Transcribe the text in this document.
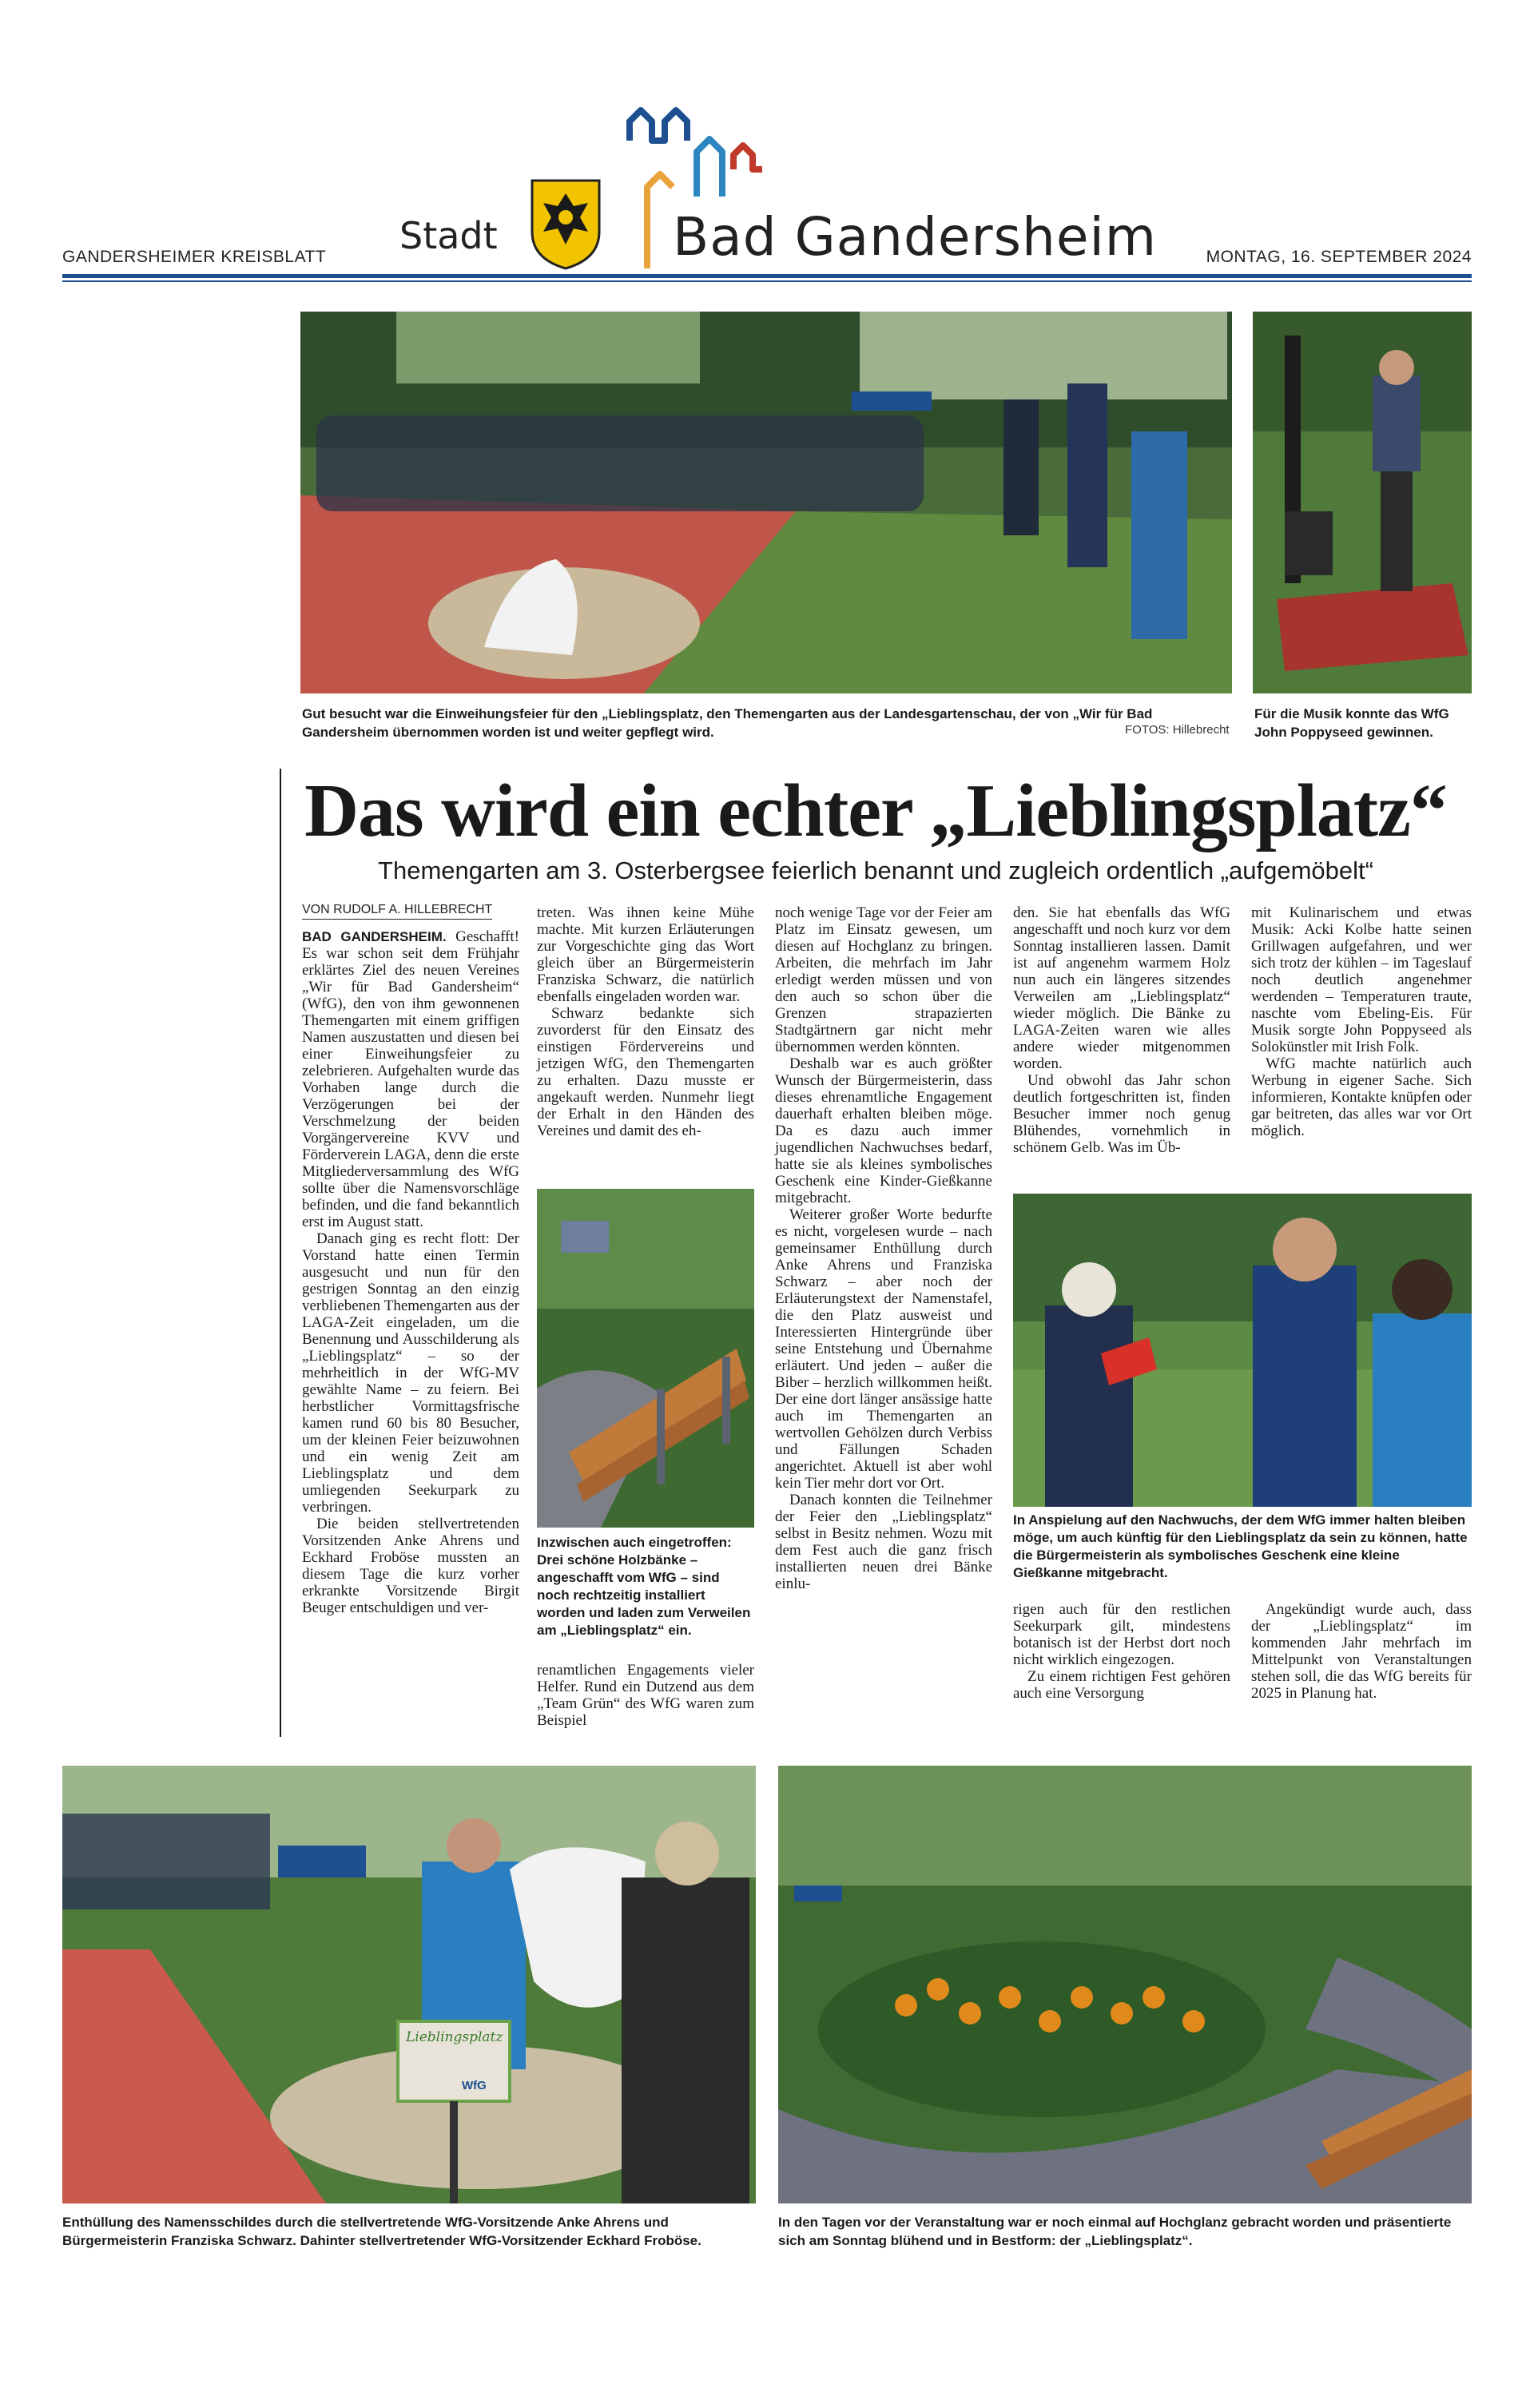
GANDERSHEIMER KREISBLATT Stadt	Bad Gandersheim	MONTAG, 16. SEPTEMBER 2024
Gut besucht war die Einweihungsfeier für den „Lieblingsplatz, den Themengarten aus der Landesgartenschau, der von „Wir für Bad Gandersheim übernommen worden ist und weiter gepflegt wird.	FOTOS: Hillebrecht
Für die Musik konnte das WfG John Poppyseed gewinnen.
Das wird ein echter „Lieblingsplatz“
Themengarten am 3. Osterbergsee feierlich benannt und zugleich ordentlich „aufgemöbelt“
VON RUDOLF A. HILLEBRECHT

BAD GANDERSHEIM. Geschafft! Es war schon seit dem Frühjahr erklärtes Ziel des neuen Vereines „Wir für Bad Gandersheim“ (WfG), den von ihm gewonnenen Themengarten mit einem griffigen Namen auszustatten und diesen bei einer Einweihungsfeier zu zelebrieren. Aufgehalten wurde das Vorhaben lange durch die Verzögerungen bei der Verschmelzung der beiden Vorgängervereine KVV und Förderverein LAGA, denn die erste Mitgliederversammlung des WfG sollte über die Namensvorschläge befinden, und die fand bekanntlich erst im August statt.

Danach ging es recht flott: Der Vorstand hatte einen Termin ausgesucht und nun für den gestrigen Sonntag an den einzig verbliebenen Themengarten aus der LAGA-Zeit eingeladen, um die Benennung und Ausschilderung als „Lieblingsplatz“ – so der mehrheitlich in der WfG-MV gewählte Name – zu feiern. Bei herbstlicher Vormittagsfrische kamen rund 60 bis 80 Besucher, um der kleinen Feier beizuwohnen und ein wenig Zeit am Lieblingsplatz und dem umliegenden Seekurpark zu verbringen.

Die beiden stellvertretenden Vorsitzenden Anke Ahrens und Eckhard Froböse mussten an diesem Tage die kurz vorher erkrankte Vorsitzende Birgit Beuger entschuldigen und ver-

treten. Was ihnen keine Mühe machte. Mit kurzen Erläuterungen zur Vorgeschichte ging das Wort gleich über an Bürgermeisterin Franziska Schwarz, die natürlich ebenfalls eingeladen worden war.

Schwarz bedankte sich zuvorderst für den Einsatz des einstigen Fördervereins und jetzigen WfG, den Themengarten zu erhalten. Dazu musste er angekauft werden. Nunmehr liegt der Erhalt in den Händen des Vereines und damit des eh-

Inzwischen auch eingetroffen: Drei schöne Holzbänke – angeschafft vom WfG – sind noch rechtzeitig installiert worden und laden zum Verweilen am „Lieblingsplatz“ ein.

renamtlichen Engagements vieler Helfer. Rund ein Dutzend aus dem „Team Grün“ des WfG waren zum Beispiel

noch wenige Tage vor der Feier am Platz im Einsatz gewesen, um diesen auf Hochglanz zu bringen. Arbeiten, die mehrfach im Jahr erledigt werden müssen und von den auch so schon über die Grenzen strapazierten Stadtgärtnern gar nicht mehr übernommen werden könnten.

Deshalb war es auch größter Wunsch der Bürgermeisterin, dass dieses ehrenamtliche Engagement dauerhaft erhalten bleiben möge. Da es dazu auch immer jugendlichen Nachwuchses bedarf, hatte sie als kleines symbolisches Geschenk eine Kinder-Gießkanne mitgebracht.

Weiterer großer Worte bedurfte es nicht, vorgelesen wurde – nach gemeinsamer Enthüllung durch Anke Ahrens und Franziska Schwarz – aber noch der Erläuterungstext der Namenstafel, die den Platz ausweist und Interessierten Hintergründe über seine Entstehung und Übernahme erläutert. Und jeden – außer die Biber – herzlich willkommen heißt. Der eine dort länger ansässige hatte auch im Themengarten an wertvollen Gehölzen durch Verbiss und Fällungen Schaden angerichtet. Aktuell ist aber wohl kein Tier mehr dort vor Ort.

Danach konnten die Teilnehmer der Feier den „Lieblingsplatz“ selbst in Besitz nehmen. Wozu mit dem Fest auch die ganz frisch installierten neuen drei Bänke einlu-

den. Sie hat ebenfalls das WfG angeschafft und noch kurz vor dem Sonntag installieren lassen. Damit ist auf angenehm warmem Holz nun auch ein längeres sitzendes Verweilen am „Lieblingsplatz“ wieder möglich. Die Bänke zu LAGA-Zeiten waren wie alles andere wieder mitgenommen worden.

Und obwohl das Jahr schon deutlich fortgeschritten ist, finden Besucher immer noch genug Blühendes, vornehmlich in schönem Gelb. Was im Üb-

mit Kulinarischem und etwas Musik: Acki Kolbe hatte seinen Grillwagen aufgefahren, und wer sich trotz der kühlen – im Tageslauf noch deutlich angenehmer werdenden – Temperaturen traute, naschte vom Ebeling-Eis. Für Musik sorgte John Poppyseed als Solokünstler mit Irish Folk.

WfG machte natürlich auch Werbung in eigener Sache. Sich informieren, Kontakte knüpfen oder gar beitreten, das alles war vor Ort möglich.

In Anspielung auf den Nachwuchs, der dem WfG immer halten bleiben möge, um auch künftig für den Lieblingsplatz da sein zu können, hatte die Bürgermeisterin als symbolisches Geschenk eine kleine Gießkanne mitgebracht.

rigen auch für den restlichen Seekurpark gilt, mindestens botanisch ist der Herbst dort noch nicht wirklich eingezogen.

Zu einem richtigen Fest gehören auch eine Versorgung

Angekündigt wurde auch, dass der „Lieblingsplatz“ im kommenden Jahr mehrfach im Mittelpunkt von Veranstaltungen stehen soll, die das WfG bereits für 2025 in Planung hat.

Lieblingsplatz
WfG
Enthüllung des Namensschildes durch die stellvertretende WfG-Vorsitzende Anke Ahrens und Bürgermeisterin Franziska Schwarz. Dahinter stellvertretender WfG-Vorsitzender Eckhard Froböse.
In den Tagen vor der Veranstaltung war er noch einmal auf Hochglanz gebracht worden und präsentierte sich am Sonntag blühend und in Bestform: der „Lieblingsplatz“.
